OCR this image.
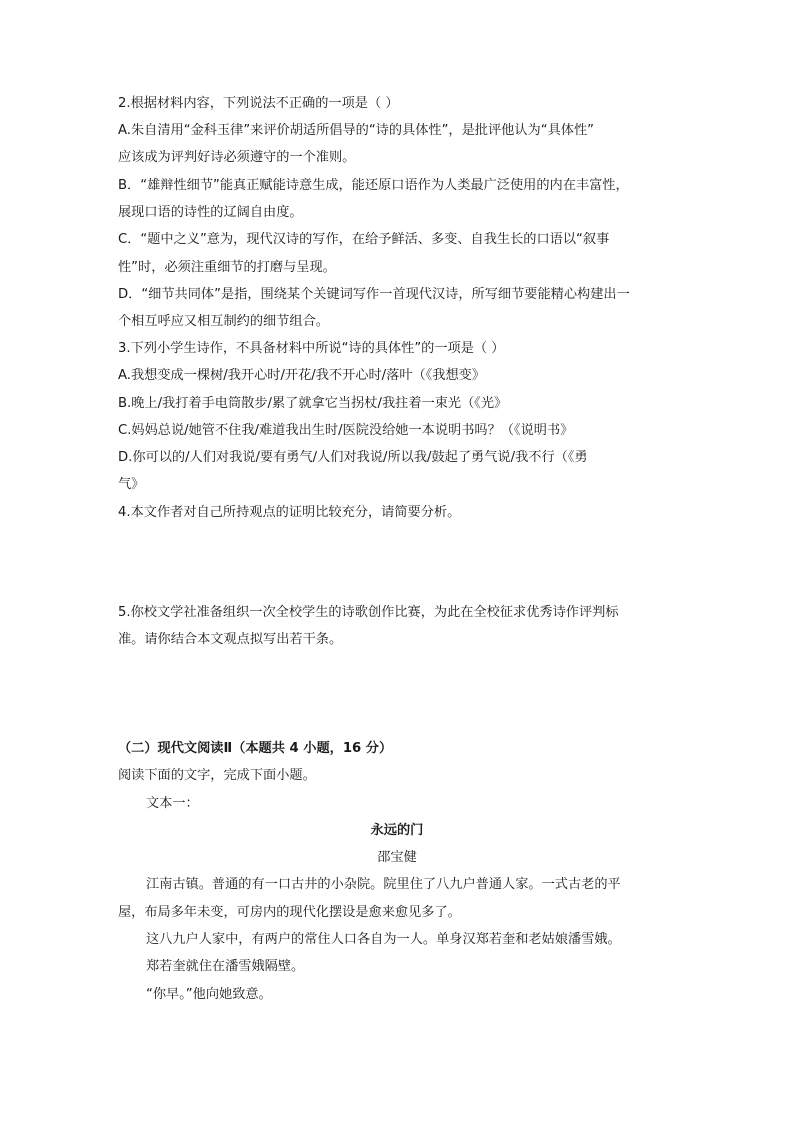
2.根据材料内容，下列说法不正确的一项是（ ）
A.朱自清用“金科玉律”来评价胡适所倡导的“诗的具体性”，是批评他认为“具体性”
应该成为评判好诗必须遵守的一个准则。
B．“雄辩性细节”能真正赋能诗意生成，能还原口语作为人类最广泛使用的内在丰富性，
展现口语的诗性的辽阔自由度。
C．“题中之义”意为，现代汉诗的写作，在给予鲜活、多变、自我生长的口语以“叙事
性”时，必须注重细节的打磨与呈现。
D．“细节共同体”是指，围绕某个关键词写作一首现代汉诗，所写细节要能精心构建出一
个相互呼应又相互制约的细节组合。
3.下列小学生诗作，不具备材料中所说“诗的具体性”的一项是（ ）
A.我想变成一棵树/我开心时/开花/我不开心时/落叶（《我想变》
B.晚上/我打着手电筒散步/累了就拿它当拐杖/我拄着一束光（《光》
C.妈妈总说/她管不住我/难道我出生时/医院没给她一本说明书吗？（《说明书》
D.你可以的/人们对我说/要有勇气/人们对我说/所以我/鼓起了勇气说/我不行（《勇
气》
4.本文作者对自己所持观点的证明比较充分，请简要分析。
5.你校文学社准备组织一次全校学生的诗歌创作比赛，为此在全校征求优秀诗作评判标
准。请你结合本文观点拟写出若干条。
（二）现代文阅读Ⅱ（本题共 4 小题，16 分）
阅读下面的文字，完成下面小题。
文本一：
永远的门
邵宝健
江南古镇。普通的有一口古井的小杂院。院里住了八九户普通人家。一式古老的平
屋，布局多年未变，可房内的现代化摆设是愈来愈见多了。
这八九户人家中，有两户的常住人口各自为一人。单身汉郑若奎和老姑娘潘雪娥。
郑若奎就住在潘雪娥隔壁。
“你早。”他向她致意。
